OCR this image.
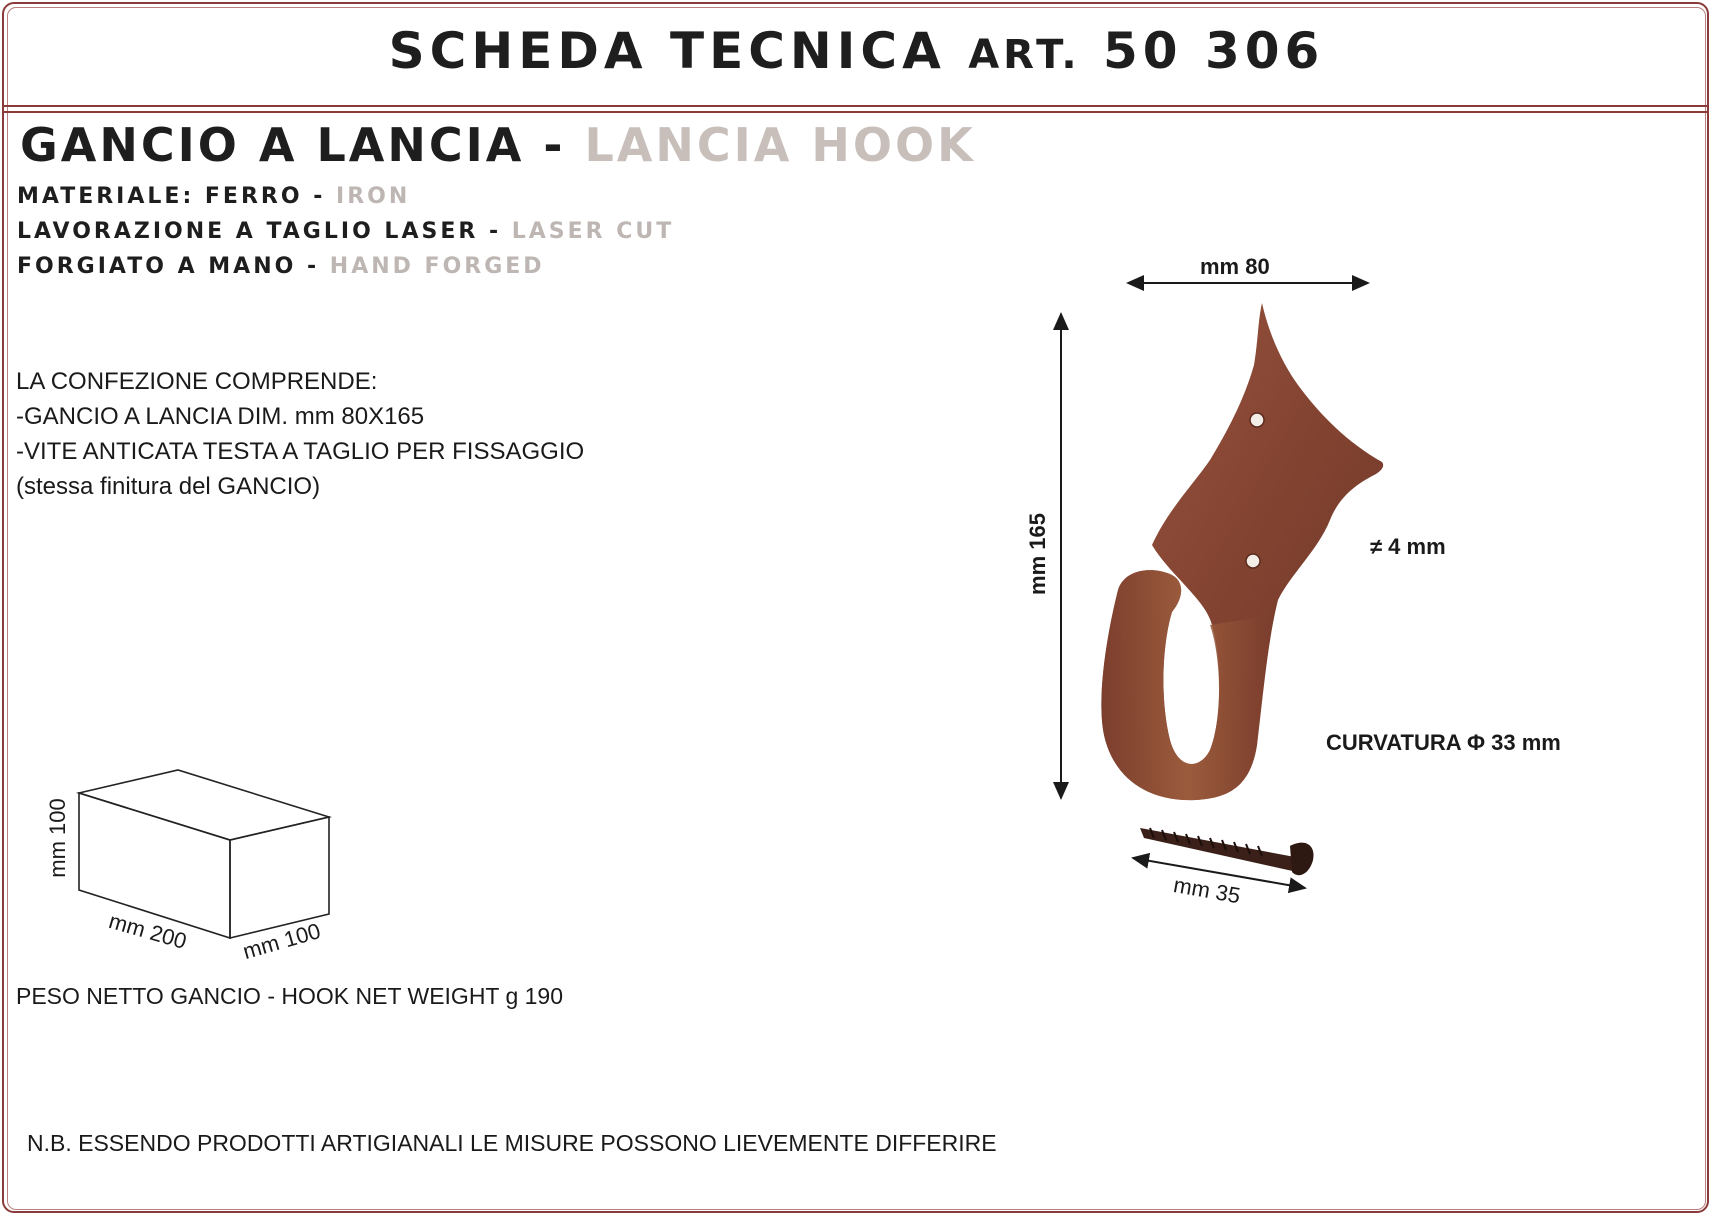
SCHEDA TECNICA ART. 50 306
GANCIO A LANCIA - LANCIA HOOK
MATERIALE: FERRO - IRON
LAVORAZIONE A TAGLIO LASER - LASER CUT
FORGIATO A MANO - HAND FORGED
LA CONFEZIONE COMPRENDE:
-GANCIO A LANCIA DIM. mm 80X165
-VITE ANTICATA TESTA A TAGLIO PER FISSAGGIO
(stessa finitura del GANCIO)
mm 80
mm 165	≠ 4 mm
CURVATURA Φ 33 mm
mm 35
mm 100
mm 200 mm 100
PESO NETTO GANCIO - HOOK NET WEIGHT g 190
N.B. ESSENDO PRODOTTI ARTIGIANALI LE MISURE POSSONO LIEVEMENTE DIFFERIRE
